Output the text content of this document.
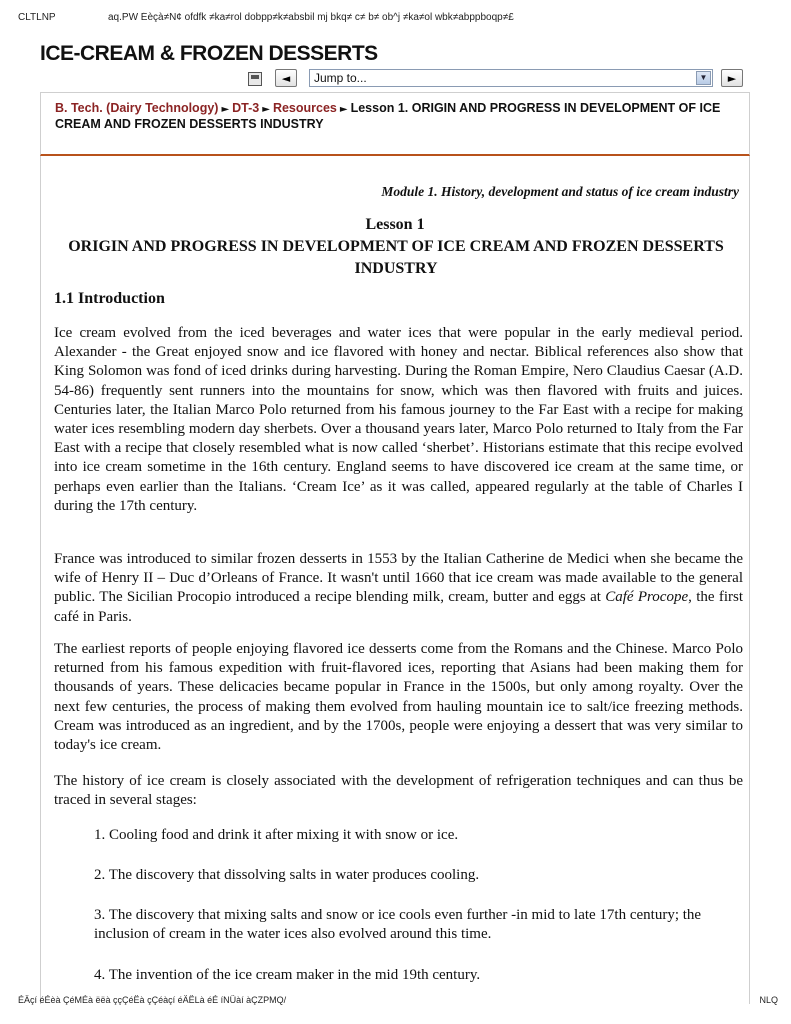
CLTLNP	aq.PW Éèçà≠N¢ ofdfk ≠ka≠rol dobpp≠k≠absbil mj bkq≠ c≠ b≠ ob^j ≠ka≠ol wbk≠abppboqp≠£
ICE-CREAM & FROZEN DESSERTS
◄	Jump to...	▼	►
B. Tech. (Dairy Technology) ► DT-3 ► Resources ► Lesson 1. ORIGIN AND PROGRESS IN DEVELOPMENT OF ICE CREAM AND FROZEN DESSERTS INDUSTRY
Module 1. History, development and status of ice cream industry
Lesson 1
ORIGIN AND PROGRESS IN DEVELOPMENT OF ICE CREAM AND FROZEN DESSERTS INDUSTRY
1.1 Introduction

Ice cream evolved from the iced beverages and water ices that were popular in the early medieval period. Alexander - the Great enjoyed snow and ice flavored with honey and nectar. Biblical references also show that King Solomon was fond of iced drinks during harvesting. During the Roman Empire, Nero Claudius Caesar (A.D. 54-86) frequently sent runners into the mountains for snow, which was then flavored with fruits and juices. Centuries later, the Italian Marco Polo returned from his famous journey to the Far East with a recipe for making water ices resembling modern day sherbets. Over a thousand years later, Marco Polo returned to Italy from the Far East with a recipe that closely resembled what is now called ‘sherbet’. Historians estimate that this recipe evolved into ice cream sometime in the 16th century. England seems to have discovered ice cream at the same time, or perhaps even earlier than the Italians. ‘Cream Ice’ as it was called, appeared regularly at the table of Charles I during the 17th century.

France was introduced to similar frozen desserts in 1553 by the Italian Catherine de Medici when she became the wife of Henry II – Duc d’Orleans of France. It wasn't until 1660 that ice cream was made available to the general public. The Sicilian Procopio introduced a recipe blending milk, cream, butter and eggs at Café Procope, the first café in Paris.

The earliest reports of people enjoying flavored ice desserts come from the Romans and the Chinese. Marco Polo returned from his famous expedition with fruit-flavored ices, reporting that Asians had been making them for thousands of years. These delicacies became popular in France in the 1500s, but only among royalty. Over the next few centuries, the process of making them evolved from hauling mountain ice to salt/ice freezing methods. Cream was introduced as an ingredient, and by the 1700s, people were enjoying a dessert that was very similar to today's ice cream.

The history of ice cream is closely associated with the development of refrigeration techniques and can thus be traced in several stages:

1. Cooling food and drink it after mixing it with snow or ice.
2. The discovery that dissolving salts in water produces cooling.
3. The discovery that mixing salts and snow or ice cools even further -in mid to late 17th century; the inclusion of cream in the water ices also evolved around this time.
4. The invention of the ice cream maker in the mid 19th century.
ÉÄçí éÉèà ÇéMÉà ëëà ççÇéËà çÇéàçí éÄËLà éÉ íNÜàí àÇZPMQ/	NLQ
